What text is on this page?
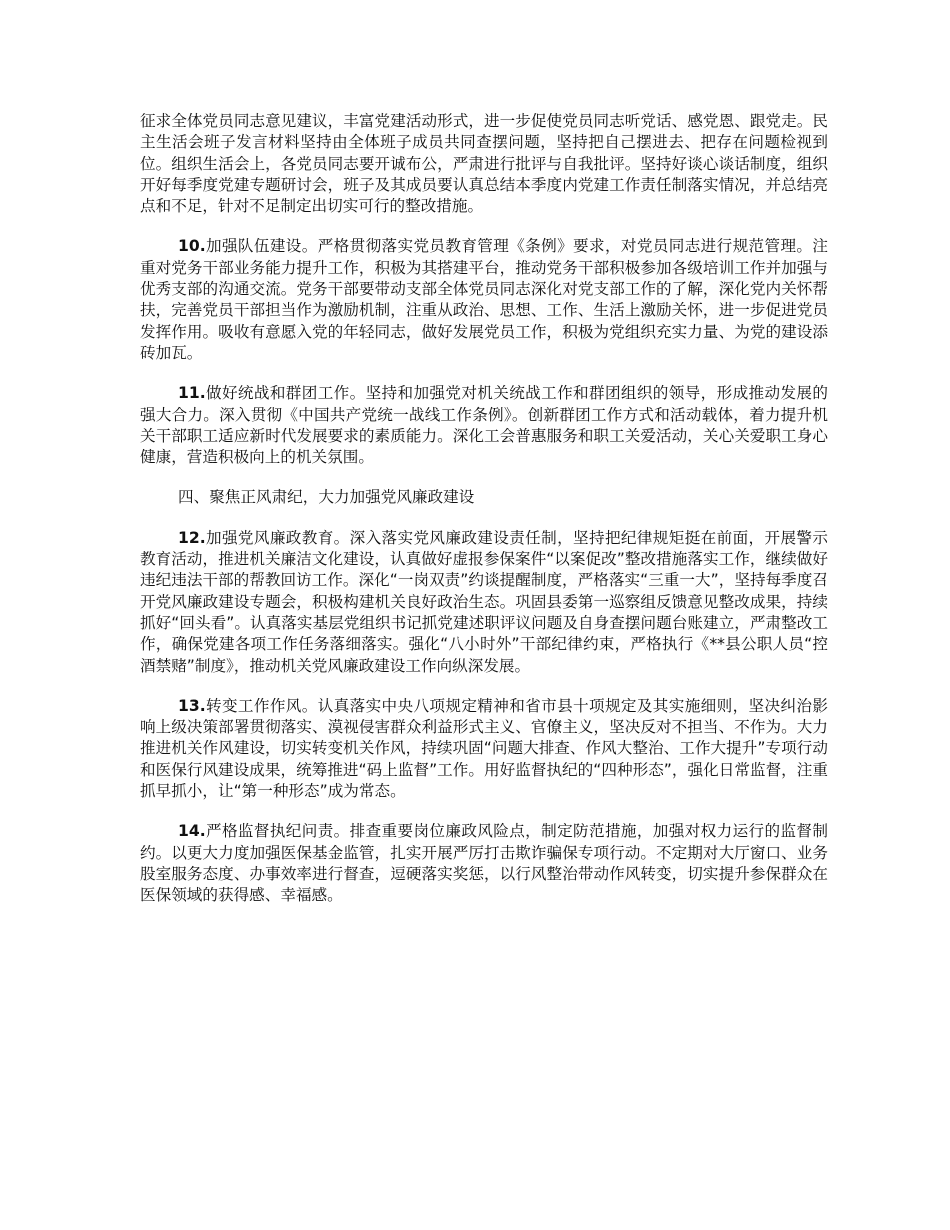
征求全体党员同志意见建议，丰富党建活动形式，进一步促使党员同志听党话、感党恩、跟党走。民主生活会班子发言材料坚持由全体班子成员共同查摆问题，坚持把自己摆进去、把存在问题检视到位。组织生活会上，各党员同志要开诚布公，严肃进行批评与自我批评。坚持好谈心谈话制度，组织开好每季度党建专题研讨会，班子及其成员要认真总结本季度内党建工作责任制落实情况，并总结亮点和不足，针对不足制定出切实可行的整改措施。

10.加强队伍建设。严格贯彻落实党员教育管理《条例》要求，对党员同志进行规范管理。注重对党务干部业务能力提升工作，积极为其搭建平台，推动党务干部积极参加各级培训工作并加强与优秀支部的沟通交流。党务干部要带动支部全体党员同志深化对党支部工作的了解，深化党内关怀帮扶，完善党员干部担当作为激励机制，注重从政治、思想、工作、生活上激励关怀，进一步促进党员发挥作用。吸收有意愿入党的年轻同志，做好发展党员工作，积极为党组织充实力量、为党的建设添砖加瓦。

11.做好统战和群团工作。坚持和加强党对机关统战工作和群团组织的领导，形成推动发展的强大合力。深入贯彻《中国共产党统一战线工作条例》。创新群团工作方式和活动载体，着力提升机关干部职工适应新时代发展要求的素质能力。深化工会普惠服务和职工关爱活动，关心关爱职工身心健康，营造积极向上的机关氛围。

四、聚焦正风肃纪，大力加强党风廉政建设

12.加强党风廉政教育。深入落实党风廉政建设责任制，坚持把纪律规矩挺在前面，开展警示教育活动，推进机关廉洁文化建设，认真做好虚报参保案件“以案促改”整改措施落实工作，继续做好违纪违法干部的帮教回访工作。深化“一岗双责”约谈提醒制度，严格落实“三重一大”，坚持每季度召开党风廉政建设专题会，积极构建机关良好政治生态。巩固县委第一巡察组反馈意见整改成果，持续抓好“回头看”。认真落实基层党组织书记抓党建述职评议问题及自身查摆问题台账建立，严肃整改工作，确保党建各项工作任务落细落实。强化“八小时外”干部纪律约束，严格执行《**县公职人员“控酒禁赌”制度》，推动机关党风廉政建设工作向纵深发展。

13.转变工作作风。认真落实中央八项规定精神和省市县十项规定及其实施细则，坚决纠治影响上级决策部署贯彻落实、漠视侵害群众利益形式主义、官僚主义，坚决反对不担当、不作为。大力推进机关作风建设，切实转变机关作风，持续巩固“问题大排查、作风大整治、工作大提升”专项行动和医保行风建设成果，统筹推进“码上监督”工作。用好监督执纪的“四种形态”，强化日常监督，注重抓早抓小，让“第一种形态”成为常态。

14.严格监督执纪问责。排查重要岗位廉政风险点，制定防范措施，加强对权力运行的监督制约。以更大力度加强医保基金监管，扎实开展严厉打击欺诈骗保专项行动。不定期对大厅窗口、业务股室服务态度、办事效率进行督查，逗硬落实奖惩，以行风整治带动作风转变，切实提升参保群众在医保领域的获得感、幸福感。
